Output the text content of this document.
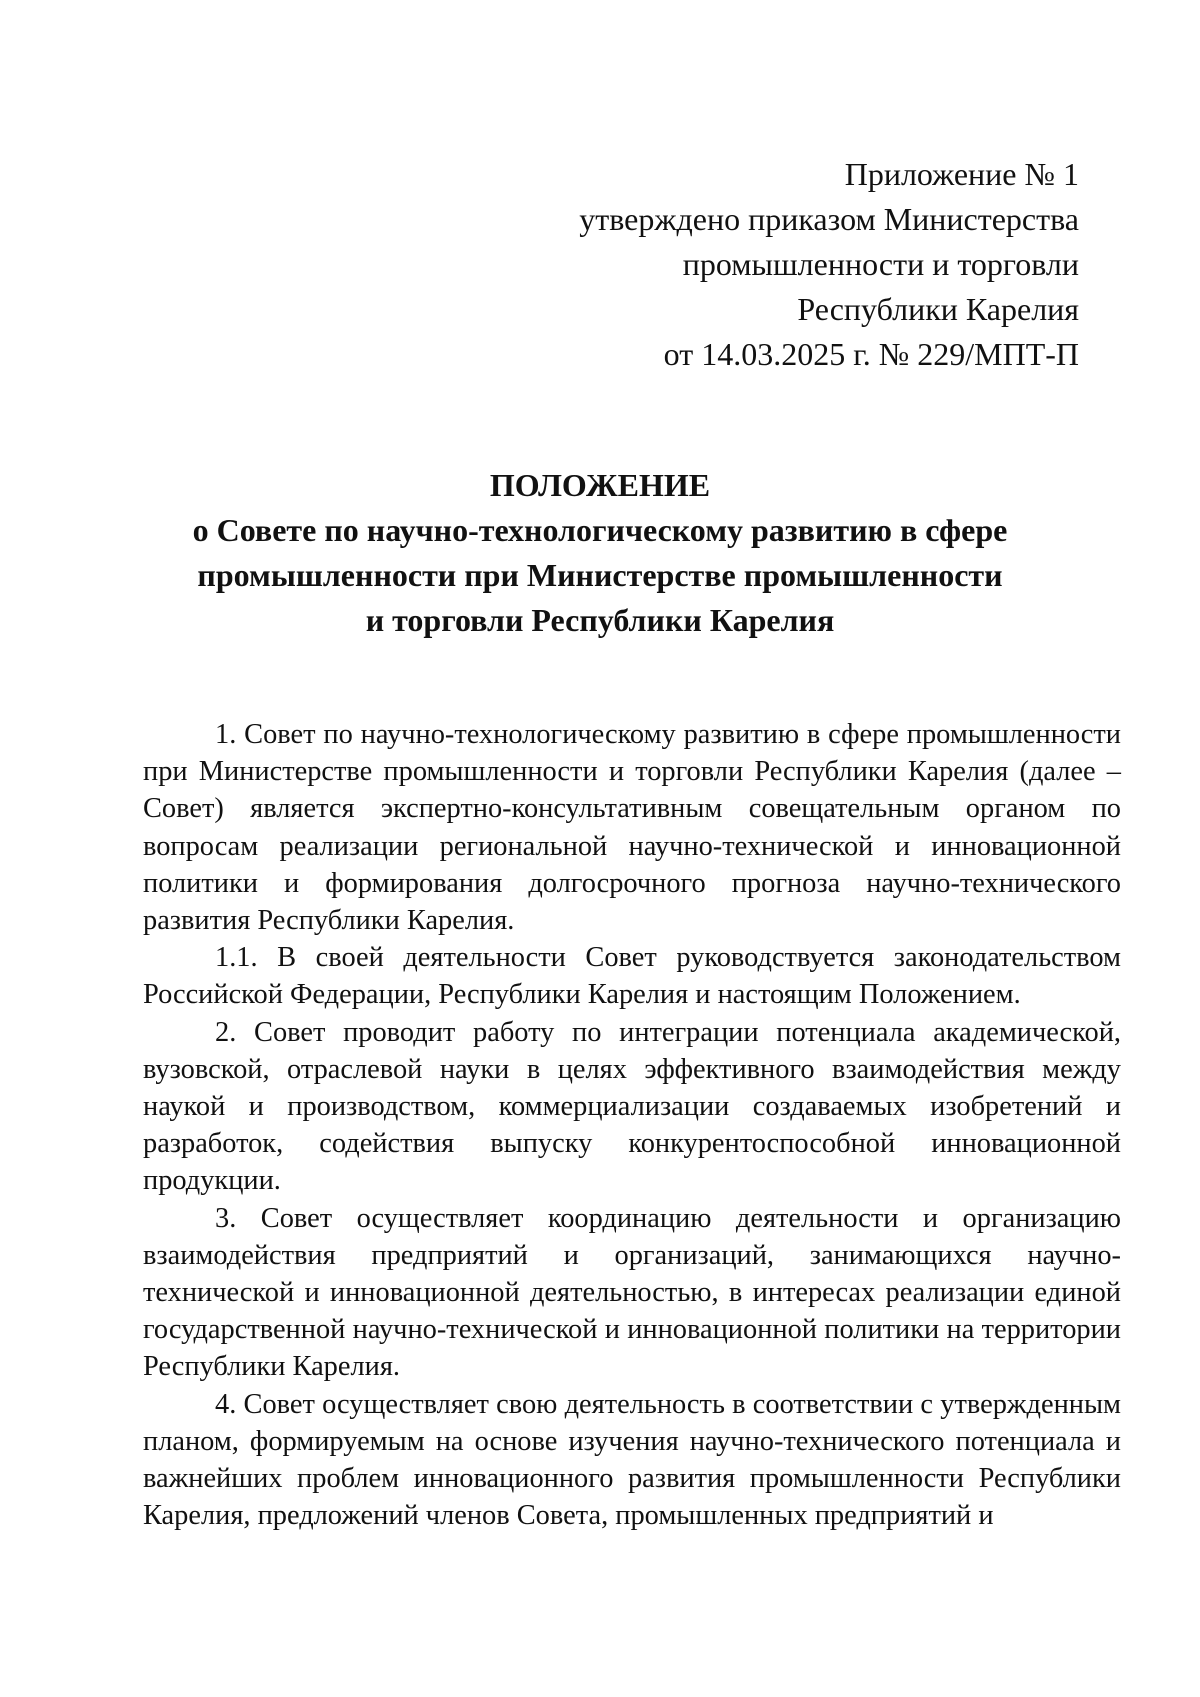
Приложение № 1
утверждено приказом Министерства
промышленности и торговли
Республики Карелия
от 14.03.2025 г. № 229/МПТ-П
ПОЛОЖЕНИЕ
о Совете по научно-технологическому развитию в сфере
промышленности при Министерстве промышленности
и торговли Республики Карелия

1. Совет по научно-технологическому развитию в сфере промышленности при Министерстве промышленности и торговли Республики Карелия (далее – Совет) является экспертно-консультативным совещательным органом по вопросам реализации региональной научно-технической и инновационной политики и формирования долгосрочного прогноза научно-технического развития Республики Карелия.

1.1. В своей деятельности Совет руководствуется законодательством Российской Федерации, Республики Карелия и настоящим Положением.

2. Совет проводит работу по интеграции потенциала академической, вузовской, отраслевой науки в целях эффективного взаимодействия между наукой и производством, коммерциализации создаваемых изобретений и разработок, содействия выпуску конкурентоспособной инновационной продукции.

3. Совет осуществляет координацию деятельности и организацию взаимодействия предприятий и организаций, занимающихся научно-технической и инновационной деятельностью, в интересах реализации единой государственной научно-технической и инновационной политики на территории Республики Карелия.

4. Совет осуществляет свою деятельность в соответствии с утвержденным планом, формируемым на основе изучения научно-технического потенциала и важнейших проблем инновационного развития промышленности Республики Карелия, предложений членов Совета, промышленных предприятий и
